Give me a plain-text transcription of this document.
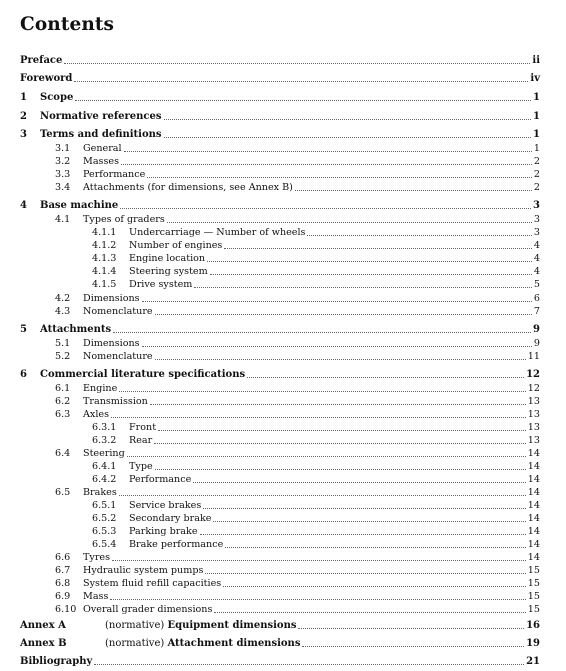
Contents
Preface	ii
Foreword	iv
1 Scope	1
2 Normative references	1
3 Terms and definitions	1
3.1 General	1
3.2 Masses	2
3.3 Performance	2
3.4 Attachments (for dimensions, see Annex B)	2
4 Base machine	3
4.1 Types of graders	3
4.1.1 Undercarriage — Number of wheels	3
4.1.2 Number of engines	4
4.1.3 Engine location	4
4.1.4 Steering system	4
4.1.5 Drive system	5
4.2 Dimensions	6
4.3 Nomenclature	7
5 Attachments	9
5.1 Dimensions	9
5.2 Nomenclature	11
6 Commercial literature specifications	12
6.1 Engine	12
6.2 Transmission	13
6.3 Axles	13
6.3.1 Front	13
6.3.2 Rear	13
6.4 Steering	14
6.4.1 Type	14
6.4.2 Performance	14
6.5 Brakes	14
6.5.1 Service brakes	14
6.5.2 Secondary brake	14
6.5.3 Parking brake	14
6.5.4 Brake performance	14
6.6 Tyres	14
6.7 Hydraulic system pumps	15
6.8 System fluid refill capacities	15
6.9 Mass	15
6.10 Overall grader dimensions	15
Annex A	(normative) Equipment dimensions	16
Annex B	(normative) Attachment dimensions	19
Bibliography	21
